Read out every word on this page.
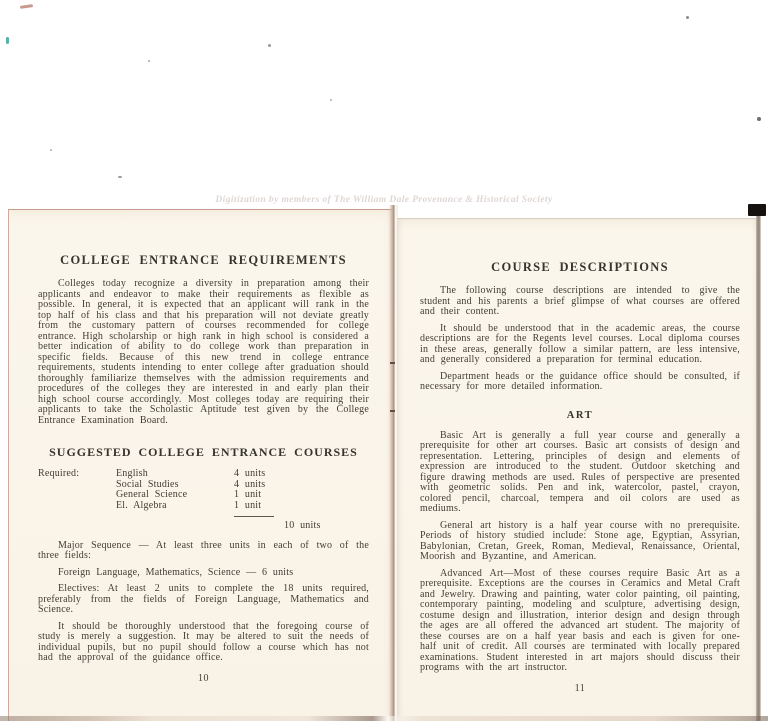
Digitization by members of The William Dale Provenance & Historical Society
COLLEGE ENTRANCE REQUIREMENTS

Colleges today recognize a diversity in preparation among their applicants and endeavor to make their requirements as flexible as possible. In general, it is expected that an applicant will rank in the top half of his class and that his preparation will not deviate greatly from the customary pattern of courses recommended for college entrance. High scholarship or high rank in high school is considered a better indication of ability to do college work than preparation in specific fields. Because of this new trend in college entrance requirements, students intending to enter college after graduation should thoroughly familiarize themselves with the admission requirements and procedures of the colleges they are interested in and early plan their high school course accordingly. Most colleges today are requiring their applicants to take the Scholastic Aptitude test given by the College Entrance Examination Board.

SUGGESTED COLLEGE ENTRANCE COURSES
Required:	English
Social Studies
General Science
El. Algebra
4 units
4 units
1 unit
1 unit
10 units

Major Sequence — At least three units in each of two of the three fields:

Foreign Language, Mathematics, Science — 6 units

Electives: At least 2 units to complete the 18 units required, preferably from the fields of Foreign Language, Mathematics and Science.

It should be thoroughly understood that the foregoing course of study is merely a suggestion. It may be altered to suit the needs of individual pupils, but no pupil should follow a course which has not had the approval of the guidance office.

10
COURSE DESCRIPTIONS

The following course descriptions are intended to give the student and his parents a brief glimpse of what courses are offered and their content.

It should be understood that in the academic areas, the course descriptions are for the Regents level courses. Local diploma courses in these areas, generally follow a similar pattern, are less intensive, and generally considered a preparation for terminal education.

Department heads or the guidance office should be consulted, if necessary for more detailed information.

ART

Basic Art is generally a full year course and generally a prerequisite for other art courses. Basic art consists of design and representation. Lettering, principles of design and elements of expression are introduced to the student. Outdoor sketching and figure drawing methods are used. Rules of perspective are presented with geometric solids. Pen and ink, watercolor, pastel, crayon, colored pencil, charcoal, tempera and oil colors are used as mediums.

General art history is a half year course with no prerequisite. Periods of history studied include: Stone age, Egyptian, Assyrian, Babylonian, Cretan, Greek, Roman, Medieval, Renaissance, Oriental, Moorish and Byzantine, and American.

Advanced Art—Most of these courses require Basic Art as a prerequisite. Exceptions are the courses in Ceramics and Metal Craft and Jewelry. Drawing and painting, water color painting, oil painting, contemporary painting, modeling and sculpture, advertising design, costume design and illustration, interior design and design through the ages are all offered the advanced art student. The majority of these courses are on a half year basis and each is given for one-half unit of credit. All courses are terminated with locally prepared examinations. Student interested in art majors should discuss their programs with the art instructor.

11
